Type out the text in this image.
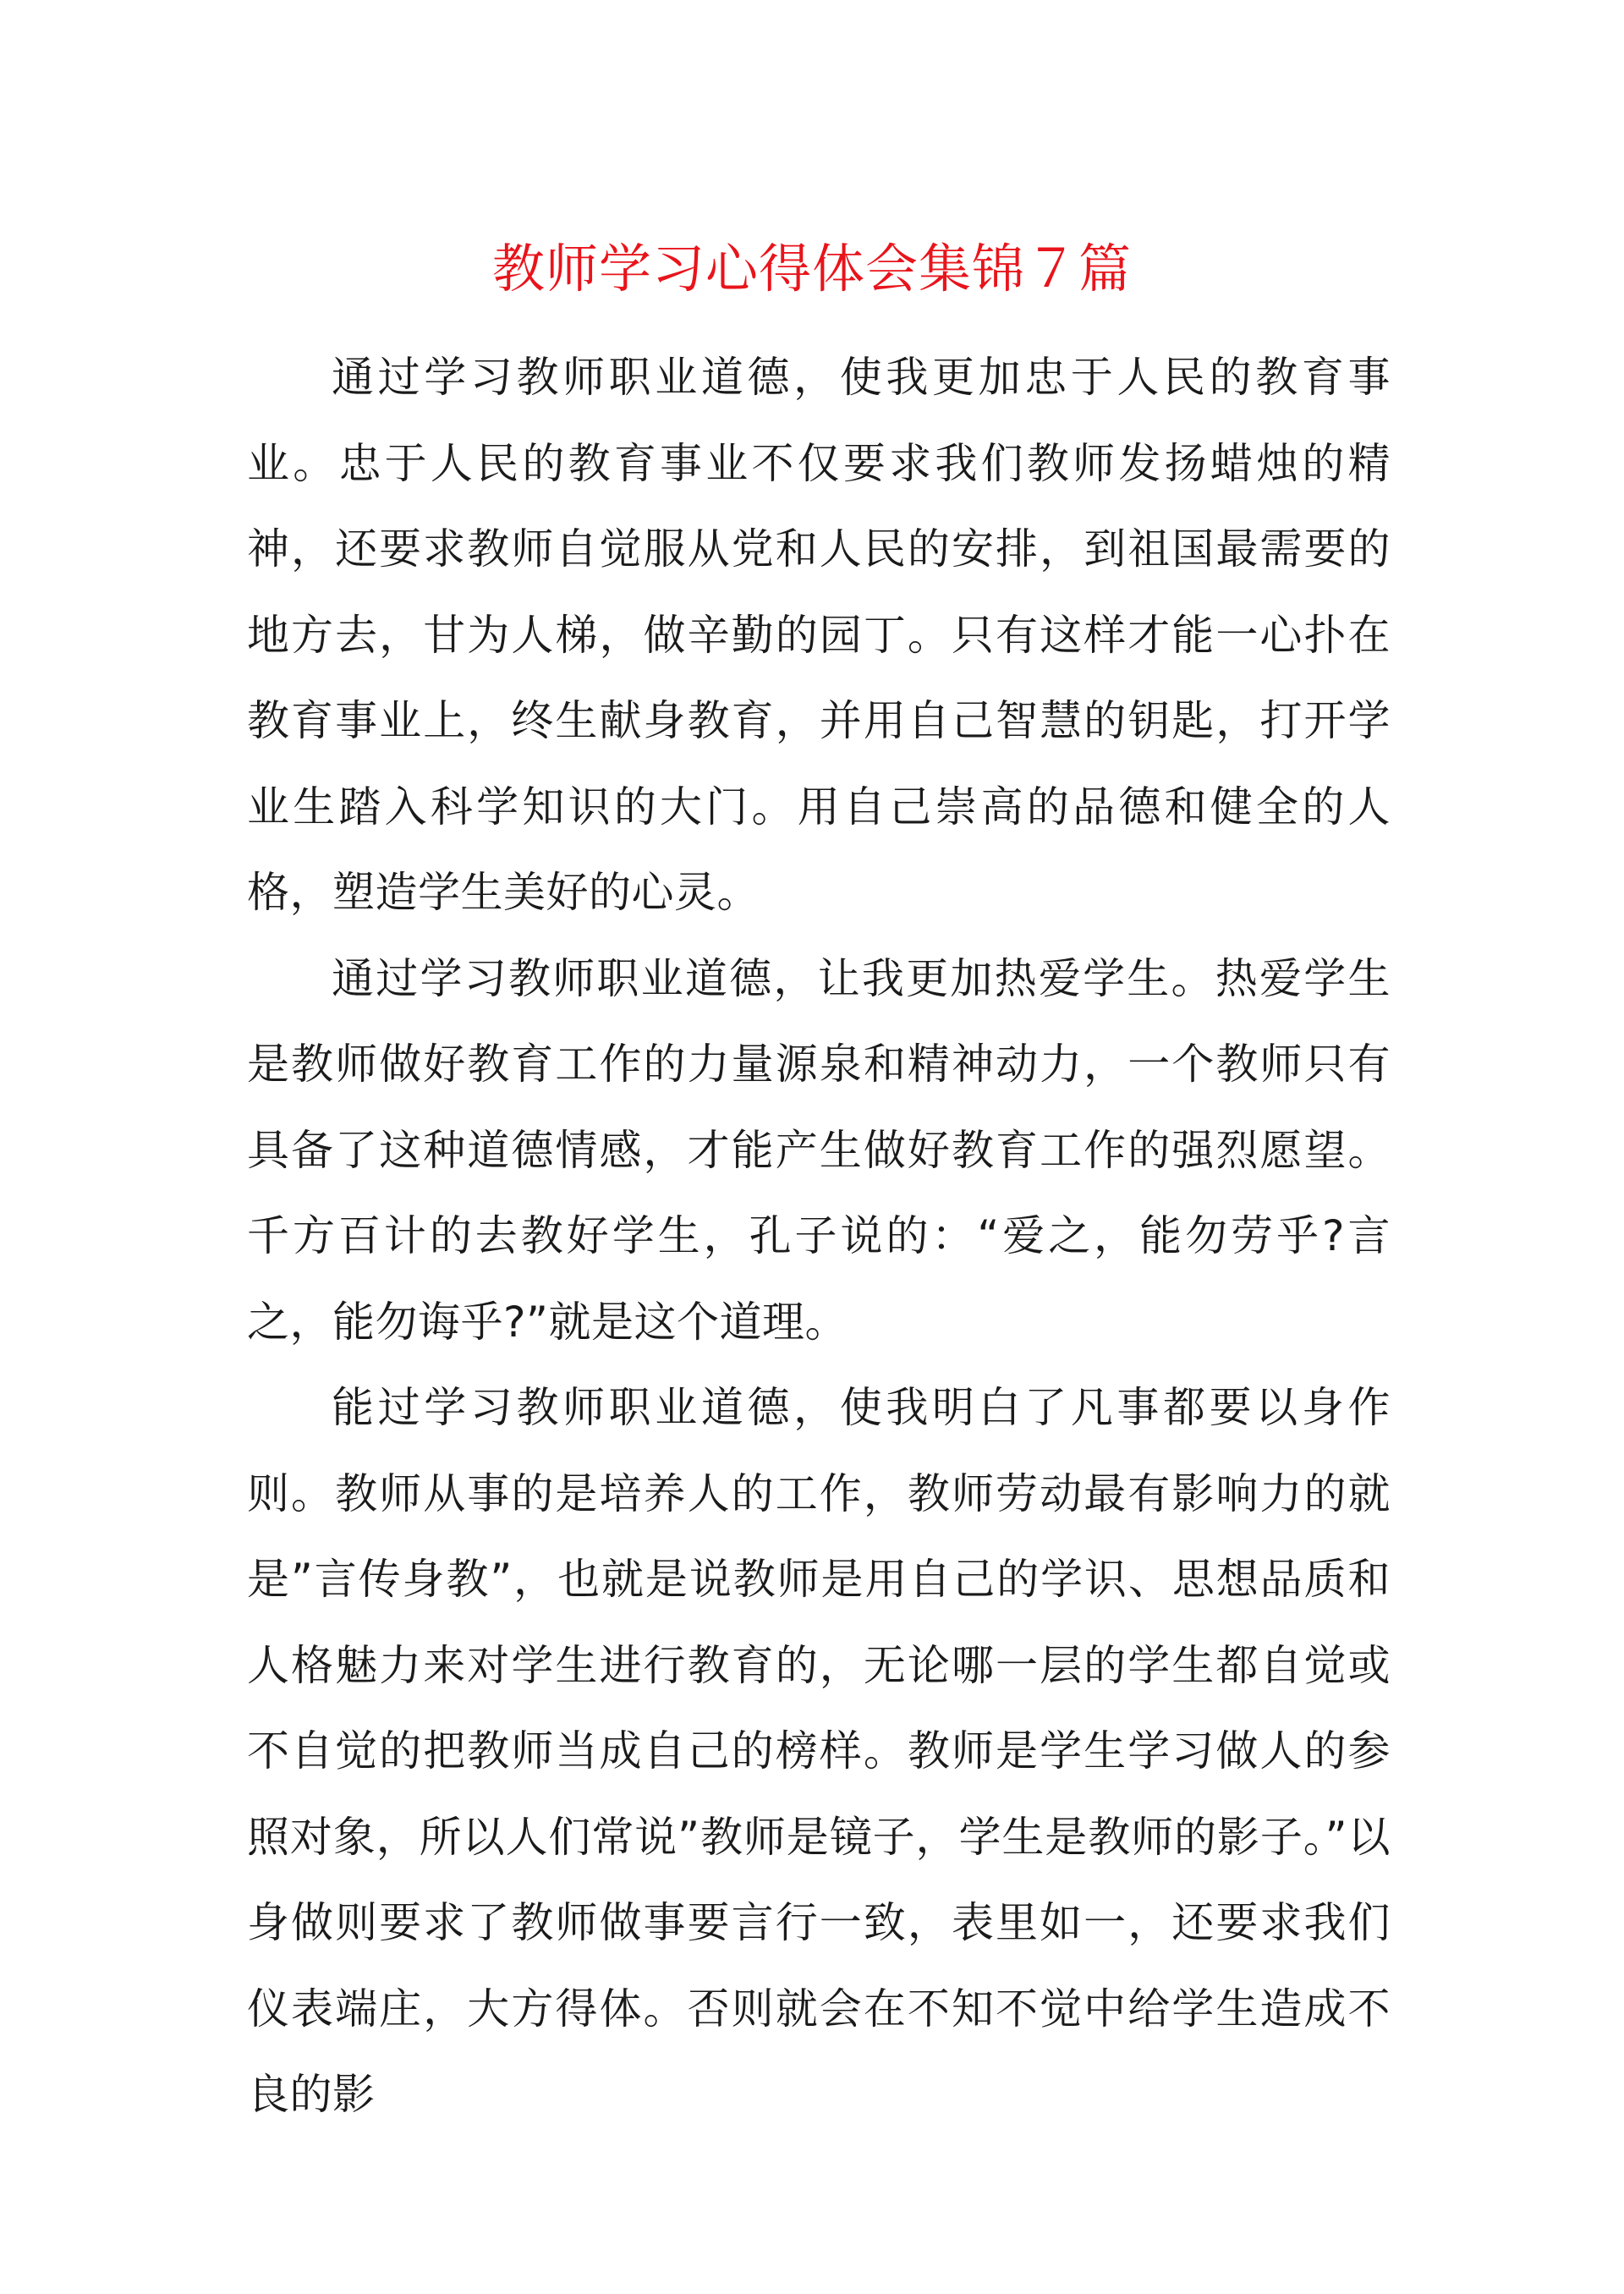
教师学习心得体会集锦７篇

通过学习教师职业道德，使我更加忠于人民的教育事业。忠于人民的教育事业不仅要求我们教师发扬蜡烛的精神，还要求教师自觉服从党和人民的安排，到祖国最需要的地方去，甘为人梯，做辛勤的园丁。只有这样才能一心扑在教育事业上，终生献身教育，并用自己智慧的钥匙，打开学业生踏入科学知识的大门。用自己崇高的品德和健全的人格，塑造学生美好的心灵。

通过学习教师职业道德，让我更加热爱学生。热爱学生是教师做好教育工作的力量源泉和精神动力，一个教师只有具备了这种道德情感，才能产生做好教育工作的强烈愿望。千方百计的去教好学生，孔子说的：“爱之，能勿劳乎?言之，能勿诲乎?”就是这个道理。

能过学习教师职业道德，使我明白了凡事都要以身作则。教师从事的是培养人的工作，教师劳动最有影响力的就是”言传身教”，也就是说教师是用自己的学识、思想品质和人格魅力来对学生进行教育的，无论哪一层的学生都自觉或不自觉的把教师当成自己的榜样。教师是学生学习做人的参照对象，所以人们常说”教师是镜子，学生是教师的影子。”以身做则要求了教师做事要言行一致，表里如一，还要求我们仪表端庄，大方得体。否则就会在不知不觉中给学生造成不良的影
